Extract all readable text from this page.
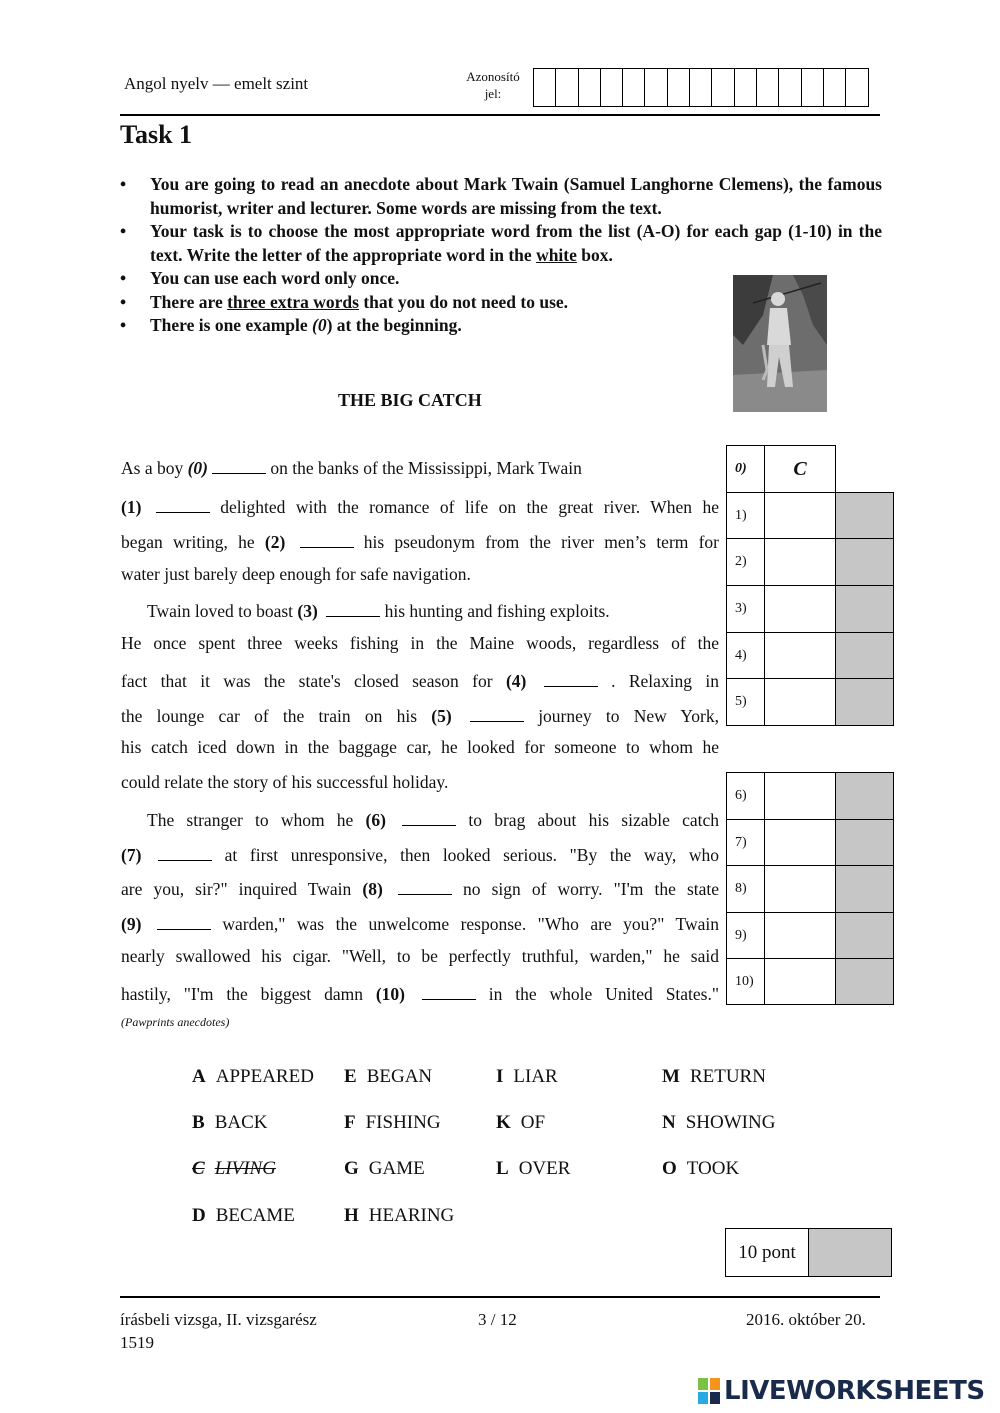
Angol nyelv — emelt szint	Azonosító
jel:
Task 1
• You are going to read an anecdote about Mark Twain (Samuel Langhorne Clemens), the famous humorist, writer and lecturer. Some words are missing from the text.
• Your task is to choose the most appropriate word from the list (A-O) for each gap (1-10) in the text. Write the letter of the appropriate word in the white box.
• You can use each word only once.
• There are three extra words that you do not need to use.
• There is one example (0) at the beginning.
THE BIG CATCH
As a boy (0)	on the banks of the Mississippi, Mark Twain
(1)	delighted with the romance of life on the great river. When he
began writing, he (2)	his pseudonym from the river men’s term for
water just barely deep enough for safe navigation.
Twain loved to boast (3)	his hunting and fishing exploits.
He once spent three weeks fishing in the Maine woods, regardless of the
fact that it was the state's closed season for (4)	. Relaxing in
the lounge car of the train on his (5)	journey to New York,
his catch iced down in the baggage car, he looked for someone to whom he
could relate the story of his successful holiday.
The stranger to whom he (6)	to brag about his sizable catch
(7)	at first unresponsive, then looked serious. "By the way, who
are you, sir?" inquired Twain (8)	no sign of worry. "I'm the state
(9)	warden," was the unwelcome response. "Who are you?" Twain
nearly swallowed his cigar. "Well, to be perfectly truthful, warden," he said
hastily, "I'm the biggest damn (10)	in the whole United States."
(Pawprints anecdotes)
0)	C	
1)		
2)		
3)		
4)		
5)		
6)		
7)		
8)		
9)		
10)		
A APPEARED
B BACK
C LIVING
D BECAME
E BEGAN
F FISHING
G GAME
H HEARING
I LIAR
K OF
L OVER
M RETURN
N SHOWING
O TOOK
10 pont
írásbeli vizsga, II. vizsgarész
1519
3 / 12	2016. október 20.
LIVEWORKSHEETS
